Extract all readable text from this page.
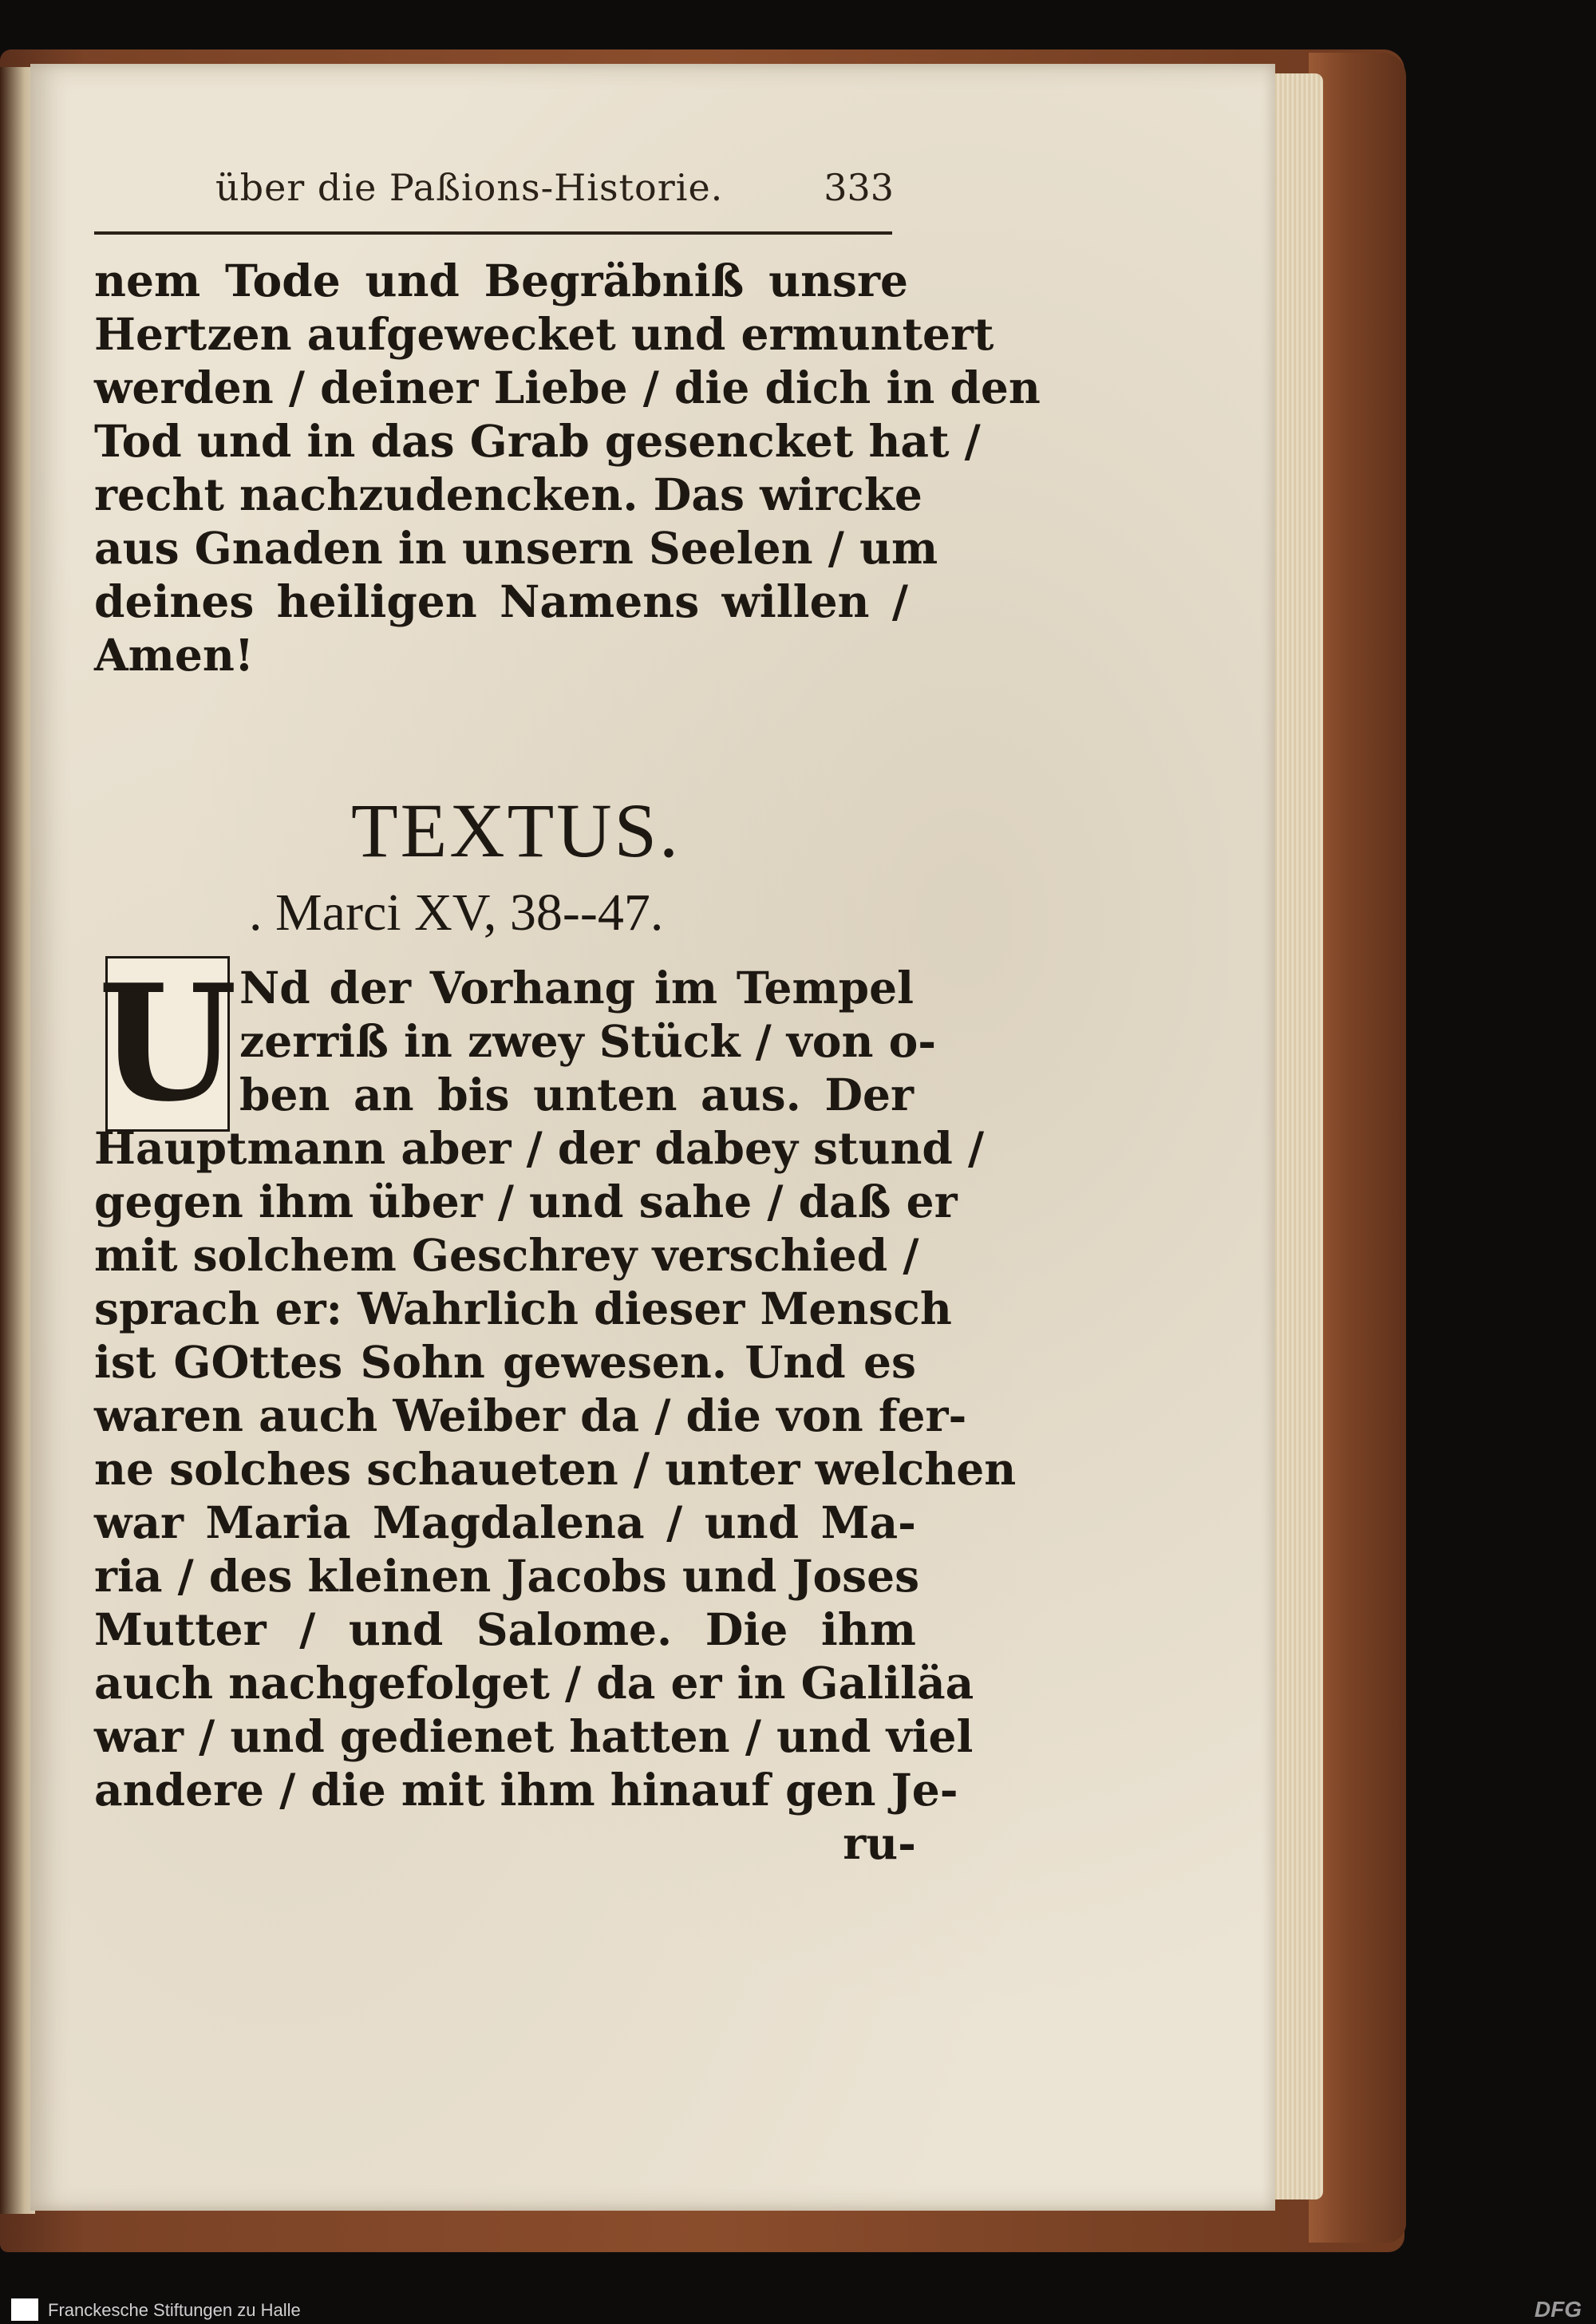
über die Paßions-Historie.	333
nem Tode und Begräbniß unsre
Hertzen aufgewecket und ermuntert
werden / deiner Liebe / die dich in den
Tod und in das Grab gesencket hat /
recht nachzudencken. Das wircke
aus Gnaden in unsern Seelen / um
deines heiligen Namens willen /
Amen!
TEXTUS.
. Marci XV, 38--47.
U Nd der Vorhang im Tempel
zerriß in zwey Stück / von o-
ben an bis unten aus. Der
Hauptmann aber / der dabey stund /
gegen ihm über / und sahe / daß er
mit solchem Geschrey verschied /
sprach er: Wahrlich dieser Mensch
ist GOttes Sohn gewesen. Und es
waren auch Weiber da / die von fer-
ne solches schaueten / unter welchen
war Maria Magdalena / und Ma-
ria / des kleinen Jacobs und Joses
Mutter / und Salome. Die ihm
auch nachgefolget / da er in Galiläa
war / und gedienet hatten / und viel
andere / die mit ihm hinauf gen Je-
ru-
Franckesche Stiftungen zu Halle	DFG
